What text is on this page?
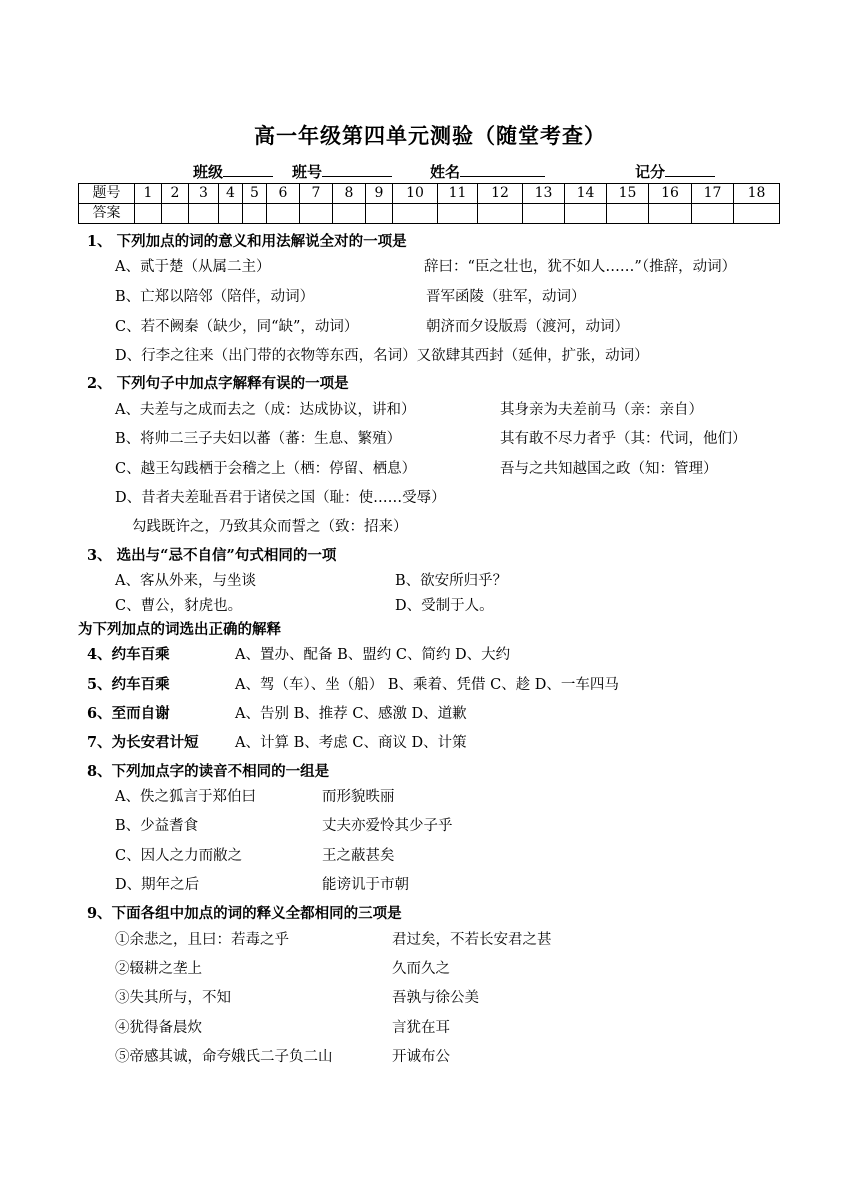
高一年级第四单元测验（随堂考查）
班级	班号	姓名	记分
题号	1	2	3	4	5	6	7	8	9	10	11	12	13	14	15	16	17	18
答案																		
1、 下列加点的词的意义和用法解说全对的一项是
A、贰于楚（从属二主）	辞曰：“臣之壮也，犹不如人……”（推辞，动词）
B、亡郑以陪邻（陪伴，动词）	晋军函陵（驻军，动词）
C、若不阙秦（缺少，同“缺”，动词）	朝济而夕设版焉（渡河，动词）
D、行李之往来（出门带的衣物等东西，名词）又欲肆其西封（延伸，扩张，动词）
2、 下列句子中加点字解释有误的一项是
A、夫差与之成而去之（成：达成协议，讲和）	其身亲为夫差前马（亲：亲自）
B、将帅二三子夫妇以蕃（蕃：生息、繁殖）	其有敢不尽力者乎（其：代词，他们）
C、越王勾践栖于会稽之上（栖：停留、栖息）	吾与之共知越国之政（知：管理）
D、昔者夫差耻吾君于诸侯之国（耻：使……受辱）
勾践既许之，乃致其众而誓之（致：招来）
3、 选出与“忌不自信”句式相同的一项
A、客从外来，与坐谈	B、欲安所归乎？
C、曹公，豺虎也。	D、受制于人。
为下列加点的词选出正确的解释
4、约车百乘	A、置办、配备 B、盟约 C、简约 D、大约
5、约车百乘	A、驾（车）、坐（船） B、乘着、凭借 C、趁 D、一车四马
6、至而自谢	A、告别 B、推荐 C、感激 D、道歉
7、为长安君计短	A、计算 B、考虑 C、商议 D、计策
8、下列加点字的读音不相同的一组是
A、佚之狐言于郑伯曰	而形貌昳丽
B、少益耆食	丈夫亦爱怜其少子乎
C、因人之力而敝之	王之蔽甚矣
D、期年之后	能谤讥于市朝
9、下面各组中加点的词的释义全都相同的三项是
①余悲之，且曰：若毒之乎	君过矣，不若长安君之甚
②辍耕之垄上	久而久之
③失其所与，不知	吾孰与徐公美
④犹得备晨炊	言犹在耳
⑤帝感其诚，命夸娥氏二子负二山	开诚布公
